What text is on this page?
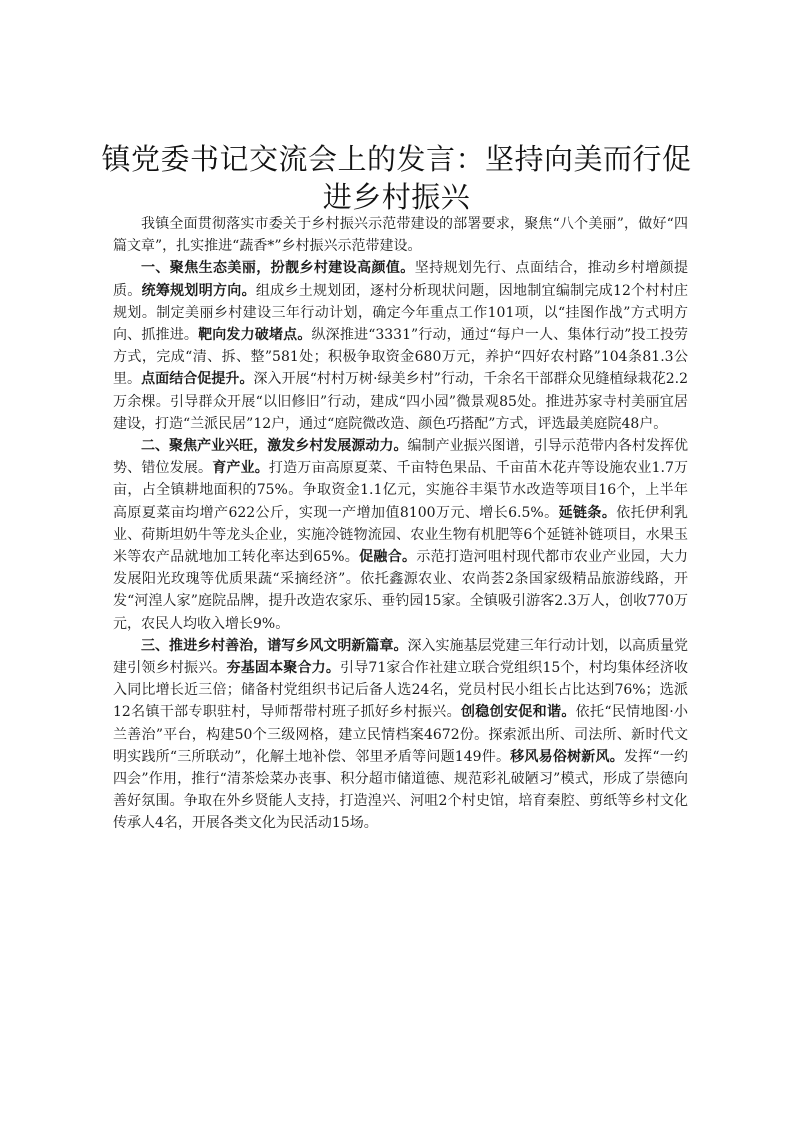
镇党委书记交流会上的发言：坚持向美而行促进乡村振兴

我镇全面贯彻落实市委关于乡村振兴示范带建设的部署要求，聚焦“八个美丽”，做好“四篇文章”，扎实推进“蔬香*”乡村振兴示范带建设。

一、聚焦生态美丽，扮靓乡村建设高颜值。坚持规划先行、点面结合，推动乡村增颜提质。统筹规划明方向。组成乡土规划团，逐村分析现状问题，因地制宜编制完成12个村村庄规划。制定美丽乡村建设三年行动计划，确定今年重点工作101项，以“挂图作战”方式明方向、抓推进。靶向发力破堵点。纵深推进“3331”行动，通过“每户一人、集体行动”投工投劳方式，完成“清、拆、整”581处；积极争取资金680万元，养护“四好农村路”104条81.3公里。点面结合促提升。深入开展“村村万树·绿美乡村”行动，千余名干部群众见缝植绿栽花2.2万余棵。引导群众开展“以旧修旧”行动，建成“四小园”微景观85处。推进苏家寺村美丽宜居建设，打造“兰派民居”12户，通过“庭院微改造、颜色巧搭配”方式，评选最美庭院48户。

二、聚焦产业兴旺，激发乡村发展源动力。编制产业振兴图谱，引导示范带内各村发挥优势、错位发展。育产业。打造万亩高原夏菜、千亩特色果品、千亩苗木花卉等设施农业1.7万亩，占全镇耕地面积的75%。争取资金1.1亿元，实施谷丰渠节水改造等项目16个，上半年高原夏菜亩均增产622公斤，实现一产增加值8100万元、增长6.5%。延链条。依托伊利乳业、荷斯坦奶牛等龙头企业，实施冷链物流园、农业生物有机肥等6个延链补链项目，水果玉米等农产品就地加工转化率达到65%。促融合。示范打造河咀村现代都市农业产业园，大力发展阳光玫瑰等优质果蔬“采摘经济”。依托鑫源农业、农尚荟2条国家级精品旅游线路，开发“河湟人家”庭院品牌，提升改造农家乐、垂钓园15家。全镇吸引游客2.3万人，创收770万元，农民人均收入增长9%。

三、推进乡村善治，谱写乡风文明新篇章。深入实施基层党建三年行动计划，以高质量党建引领乡村振兴。夯基固本聚合力。引导71家合作社建立联合党组织15个，村均集体经济收入同比增长近三倍；储备村党组织书记后备人选24名，党员村民小组长占比达到76%；选派12名镇干部专职驻村，导师帮带村班子抓好乡村振兴。创稳创安促和谐。依托“民情地图·小兰善治”平台，构建50个三级网格，建立民情档案4672份。探索派出所、司法所、新时代文明实践所“三所联动”，化解土地补偿、邻里矛盾等问题149件。移风易俗树新风。发挥“一约四会”作用，推行“清茶烩菜办丧事、积分超市储道德、规范彩礼破陋习”模式，形成了崇德向善好氛围。争取在外乡贤能人支持，打造湟兴、河咀2个村史馆，培育秦腔、剪纸等乡村文化传承人4名，开展各类文化为民活动15场。
